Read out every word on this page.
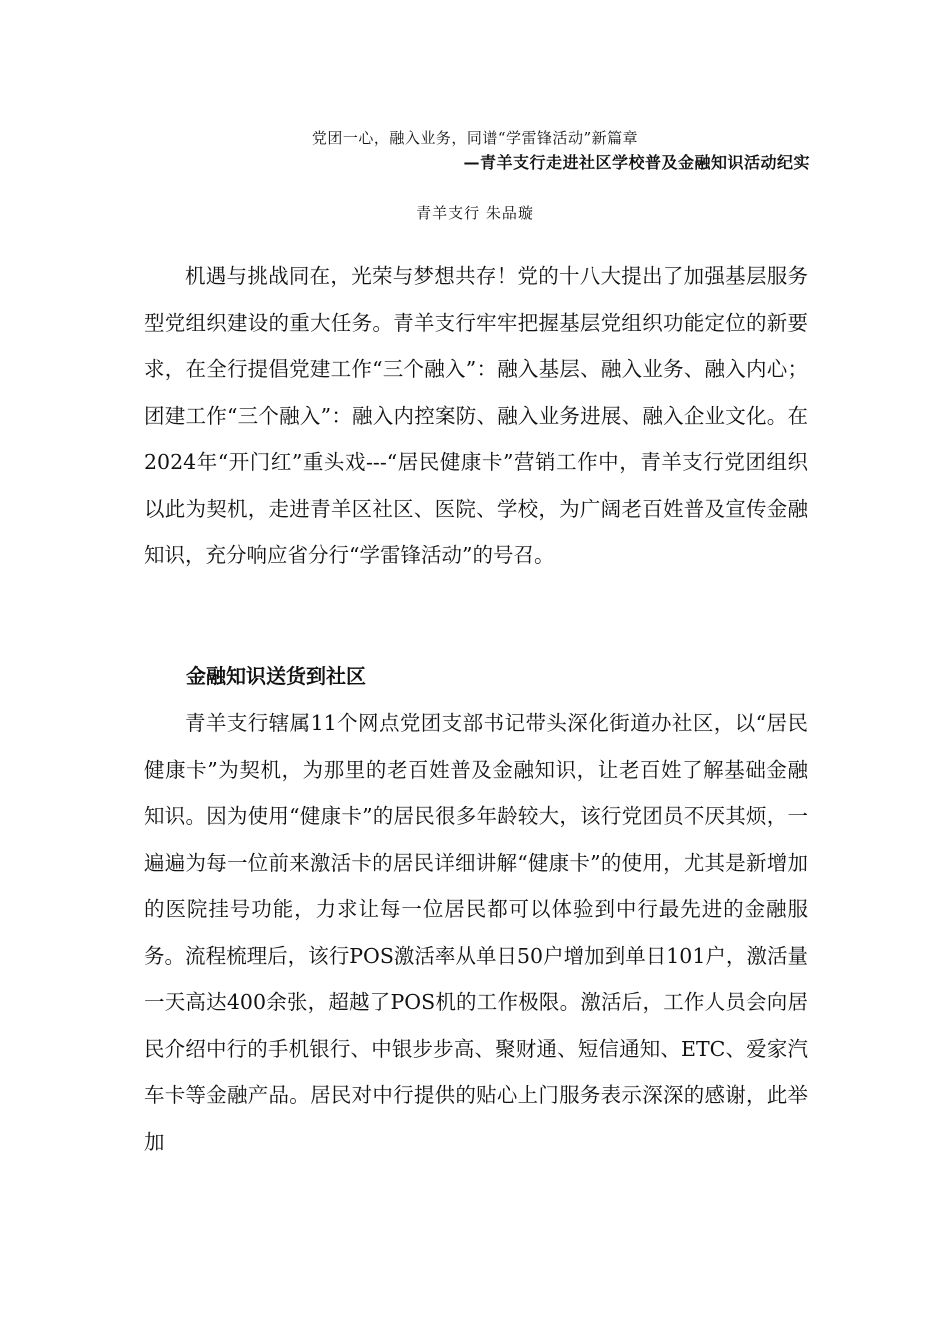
党团一心，融入业务，同谱“学雷锋活动”新篇章
—青羊支行走进社区学校普及金融知识活动纪实
青羊支行 朱品璇

机遇与挑战同在，光荣与梦想共存！党的十八大提出了加强基层服务型党组织建设的重大任务。青羊支行牢牢把握基层党组织功能定位的新要求，在全行提倡党建工作“三个融入”：融入基层、融入业务、融入内心；团建工作“三个融入”：融入内控案防、融入业务进展、融入企业文化。在2024年“开门红”重头戏---“居民健康卡”营销工作中，青羊支行党团组织以此为契机，走进青羊区社区、医院、学校，为广阔老百姓普及宣传金融知识，充分响应省分行“学雷锋活动”的号召。

金融知识送货到社区

青羊支行辖属11个网点党团支部书记带头深化街道办社区，以“居民健康卡”为契机，为那里的老百姓普及金融知识，让老百姓了解基础金融知识。因为使用“健康卡”的居民很多年龄较大，该行党团员不厌其烦，一遍遍为每一位前来激活卡的居民详细讲解“健康卡”的使用，尤其是新增加的医院挂号功能，力求让每一位居民都可以体验到中行最先进的金融服务。流程梳理后，该行POS激活率从单日50户增加到单日101户，激活量一天高达400余张，超越了POS机的工作极限。激活后，工作人员会向居民介绍中行的手机银行、中银步步高、聚财通、短信通知、ETC、爱家汽车卡等金融产品。居民对中行提供的贴心上门服务表示深深的感谢，此举加
